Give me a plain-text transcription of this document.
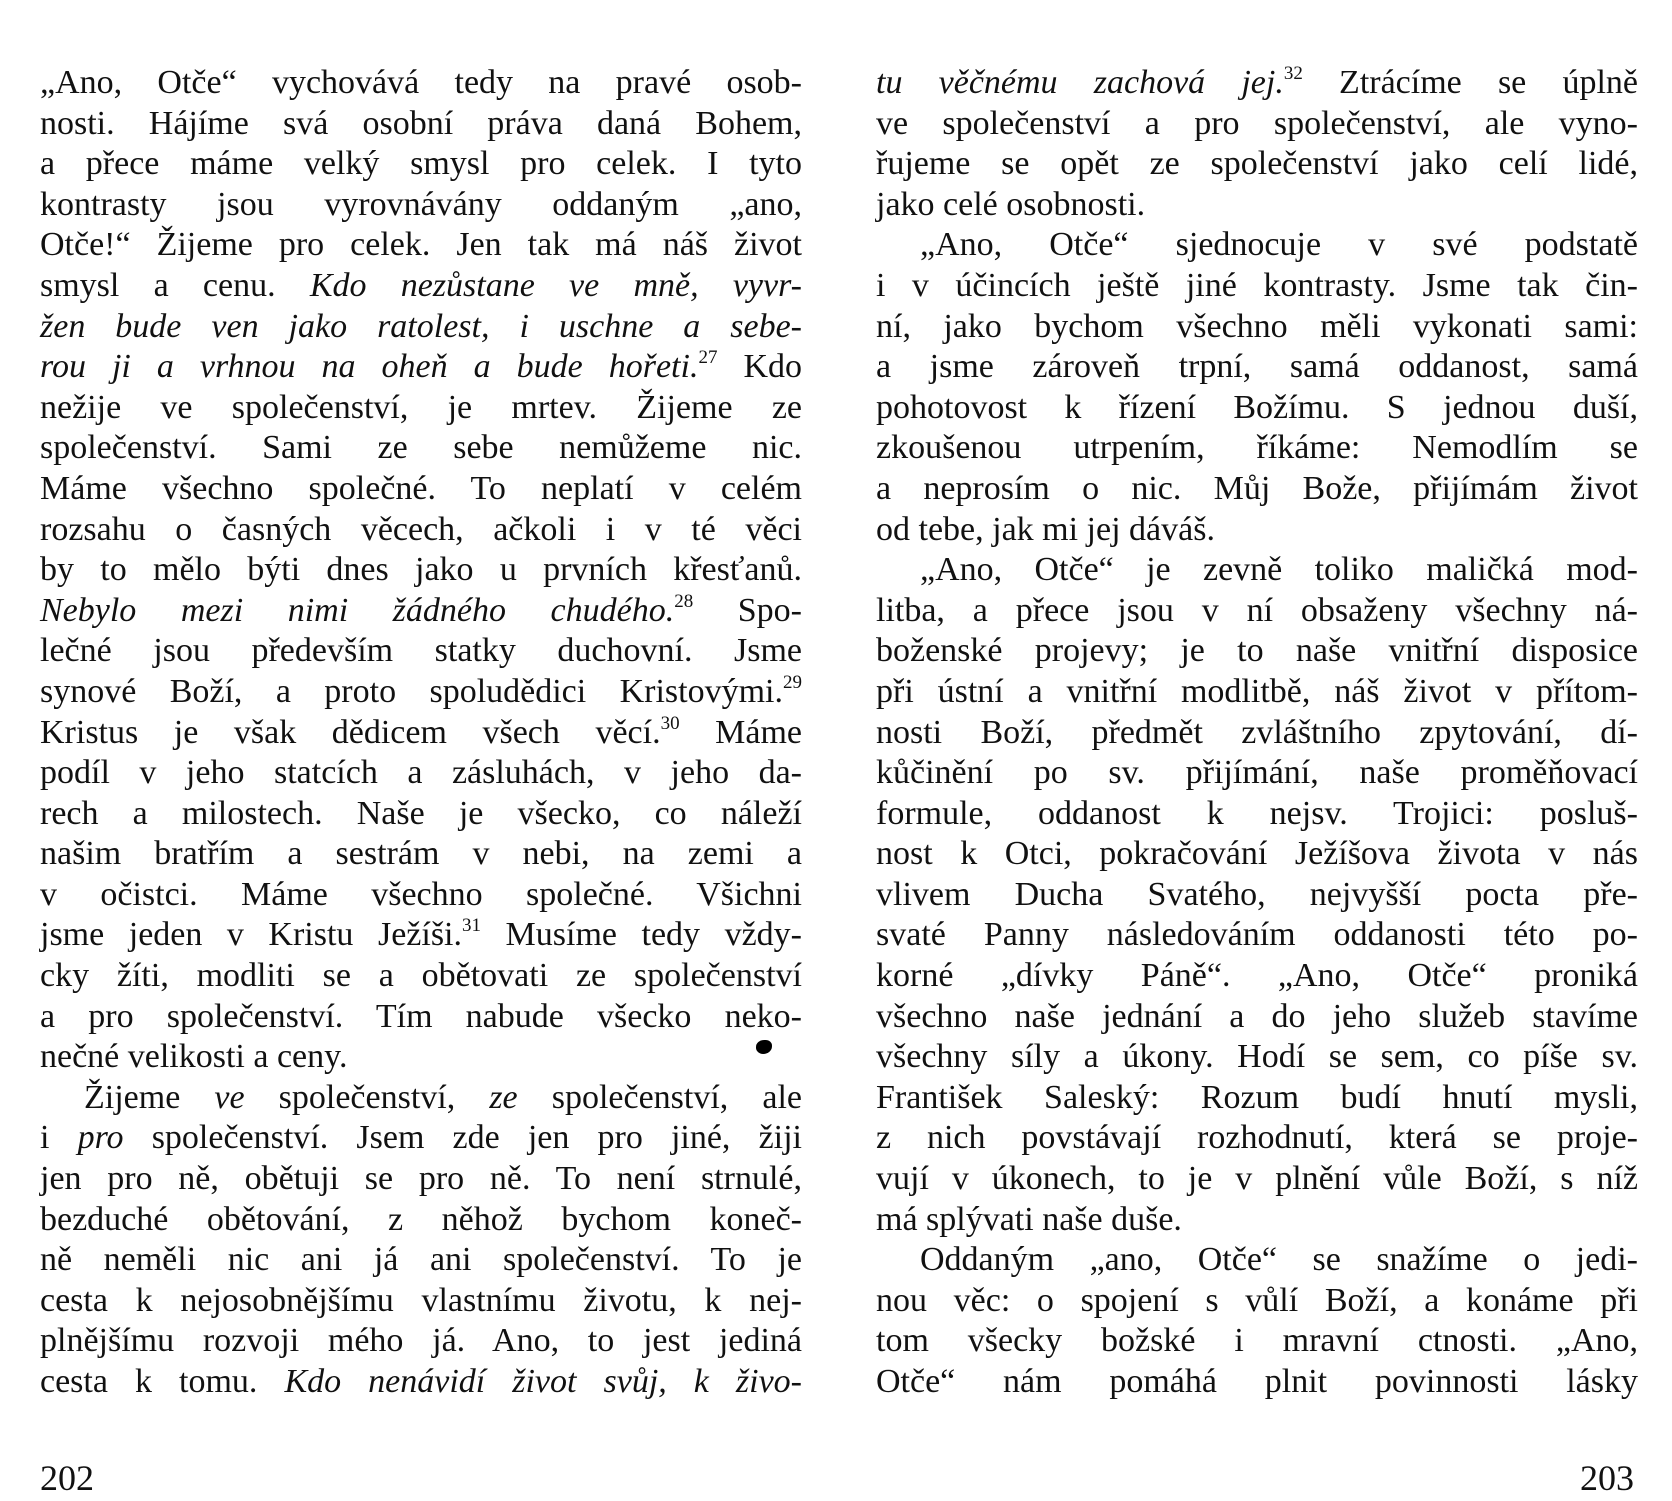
„Ano, Otče“ vychovává tedy na pravé osob-
nosti. Hájíme svá osobní práva daná Bohem,
a přece máme velký smysl pro celek. I tyto
kontrasty jsou vyrovnávány oddaným „ano,
Otče!“ Žijeme pro celek. Jen tak má náš život
smysl a cenu. Kdo nezůstane ve mně, vyvr-
žen bude ven jako ratolest, i uschne a sebe-
rou ji a vrhnou na oheň a bude hořeti.$^{27}$ Kdo
nežije ve společenství, je mrtev. Žijeme ze
společenství. Sami ze sebe nemůžeme nic.
Máme všechno společné. To neplatí v celém
rozsahu o časných věcech, ačkoli i v té věci
by to mělo býti dnes jako u prvních křesťanů.
Nebylo mezi nimi žádného chudého.$^{28}$ Spo-
lečné jsou především statky duchovní. Jsme
synové Boží, a proto spoludědici Kristovými.$^{29}$
Kristus je však dědicem všech věcí.$^{30}$ Máme
podíl v jeho statcích a zásluhách, v jeho da-
rech a milostech. Naše je všecko, co náleží
našim bratřím a sestrám v nebi, na zemi a
v očistci. Máme všechno společné. Všichni
jsme jeden v Kristu Ježíši.$^{31}$ Musíme tedy vždy-
cky žíti, modliti se a obětovati ze společenství
a pro společenství. Tím nabude všecko neko-
nečné velikosti a ceny.
Žijeme ve společenství, ze společenství, ale
i pro společenství. Jsem zde jen pro jiné, žiji
jen pro ně, obětuji se pro ně. To není strnulé,
bezduché obětování, z něhož bychom koneč-
ně neměli nic ani já ani společenství. To je
cesta k nejosobnějšímu vlastnímu životu, k nej-
plnějšímu rozvoji mého já. Ano, to jest jediná
cesta k tomu. Kdo nenávidí život svůj, k živo-
tu věčnému zachová jej.$^{32}$ Ztrácíme se úplně
ve společenství a pro společenství, ale vyno-
řujeme se opět ze společenství jako celí lidé,
jako celé osobnosti.
„Ano, Otče“ sjednocuje v své podstatě
i v účincích ještě jiné kontrasty. Jsme tak čin-
ní, jako bychom všechno měli vykonati sami:
a jsme zároveň trpní, samá oddanost, samá
pohotovost k řízení Božímu. S jednou duší,
zkoušenou utrpením, říkáme: Nemodlím se
a neprosím o nic. Můj Bože, přijímám život
od tebe, jak mi jej dáváš.
„Ano, Otče“ je zevně toliko maličká mod-
litba, a přece jsou v ní obsaženy všechny ná-
boženské projevy; je to naše vnitřní disposice
při ústní a vnitřní modlitbě, náš život v přítom-
nosti Boží, předmět zvláštního zpytování, dí-
kůčinění po sv. přijímání, naše proměňovací
formule, oddanost k nejsv. Trojici: posluš-
nost k Otci, pokračování Ježíšova života v nás
vlivem Ducha Svatého, nejvyšší pocta pře-
svaté Panny následováním oddanosti této po-
korné „dívky Páně“. „Ano, Otče“ proniká
všechno naše jednání a do jeho služeb stavíme
všechny síly a úkony. Hodí se sem, co píše sv.
František Saleský: Rozum budí hnutí mysli,
z nich povstávají rozhodnutí, která se proje-
vují v úkonech, to je v plnění vůle Boží, s níž
má splývati naše duše.
Oddaným „ano, Otče“ se snažíme o jedi-
nou věc: o spojení s vůlí Boží, a konáme při
tom všecky božské i mravní ctnosti. „Ano,
Otče“ nám pomáhá plnit povinnosti lásky
202	203
